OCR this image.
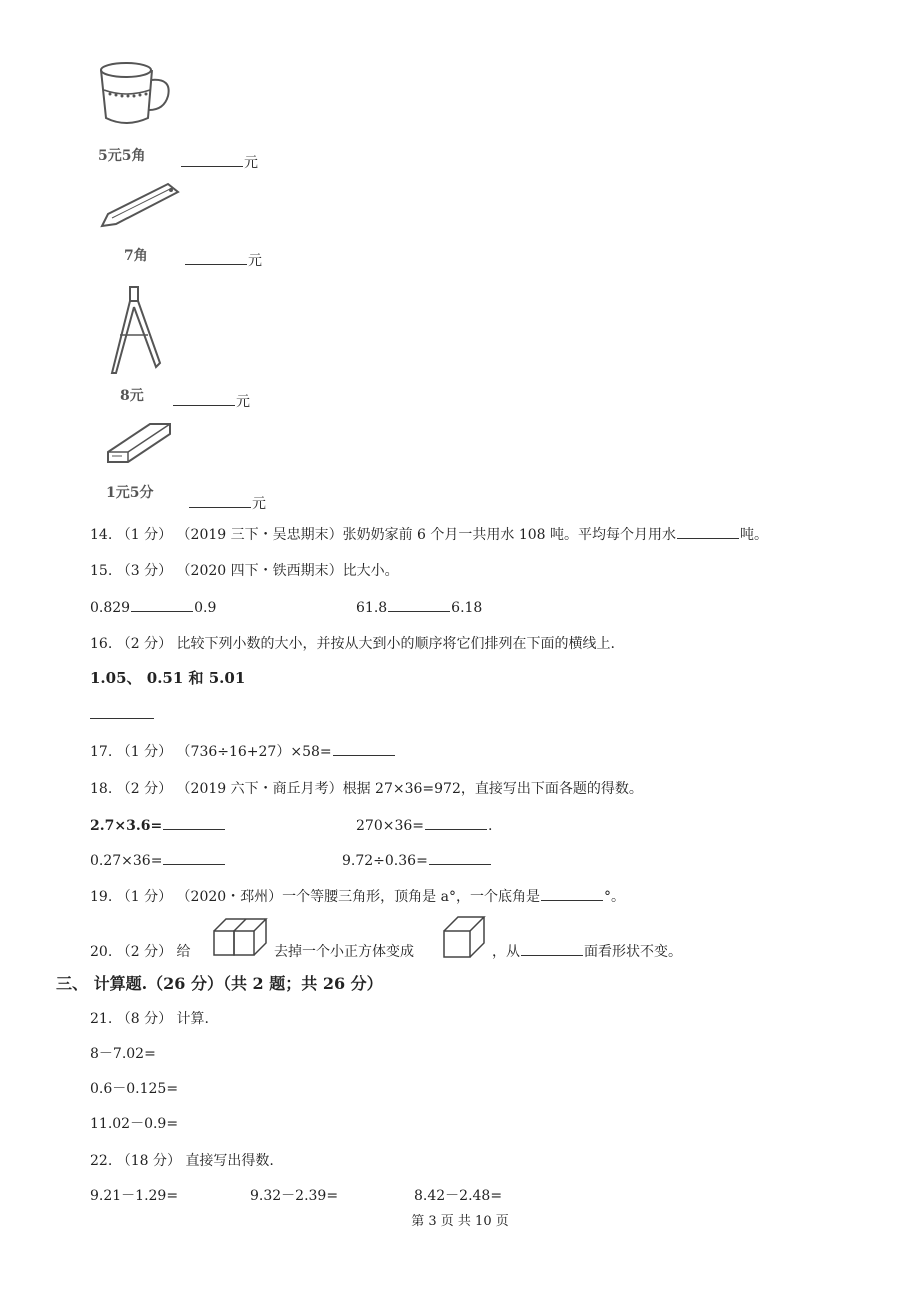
5元5角	元
7角	元
8元	元
1元5分
元
14. （1 分） （2019 三下・吴忠期末）张奶奶家前 6 个月一共用水 108 吨。平均每个月用水	吨。
15. （3 分） （2020 四下・铁西期末）比大小。
0.829	0.9	61.8	6.18
16. （2 分） 比较下列小数的大小，并按从大到小的顺序将它们排列在下面的横线上.
1.05、 0.51 和 5.01
17. （1 分） （736÷16+27）×58=
18. （2 分） （2019 六下・商丘月考）根据 27×36=972，直接写出下面各题的得数。
2.7×3.6=	270×36=	.
0.27×36=	9.72÷0.36=
19. （1 分） （2020・邳州）一个等腰三角形，顶角是 a°，一个底角是	°。
20. （2 分） 给	去掉一个小正方体变成	，从	面看形状不变。
三、 计算题.（26 分）（共 2 题；共 26 分）
21. （8 分） 计算.
8－7.02=
0.6－0.125=
11.02－0.9=
22. （18 分） 直接写出得数.
9.21－1.29=	9.32－2.39=	8.42－2.48=
第 3 页 共 10 页
